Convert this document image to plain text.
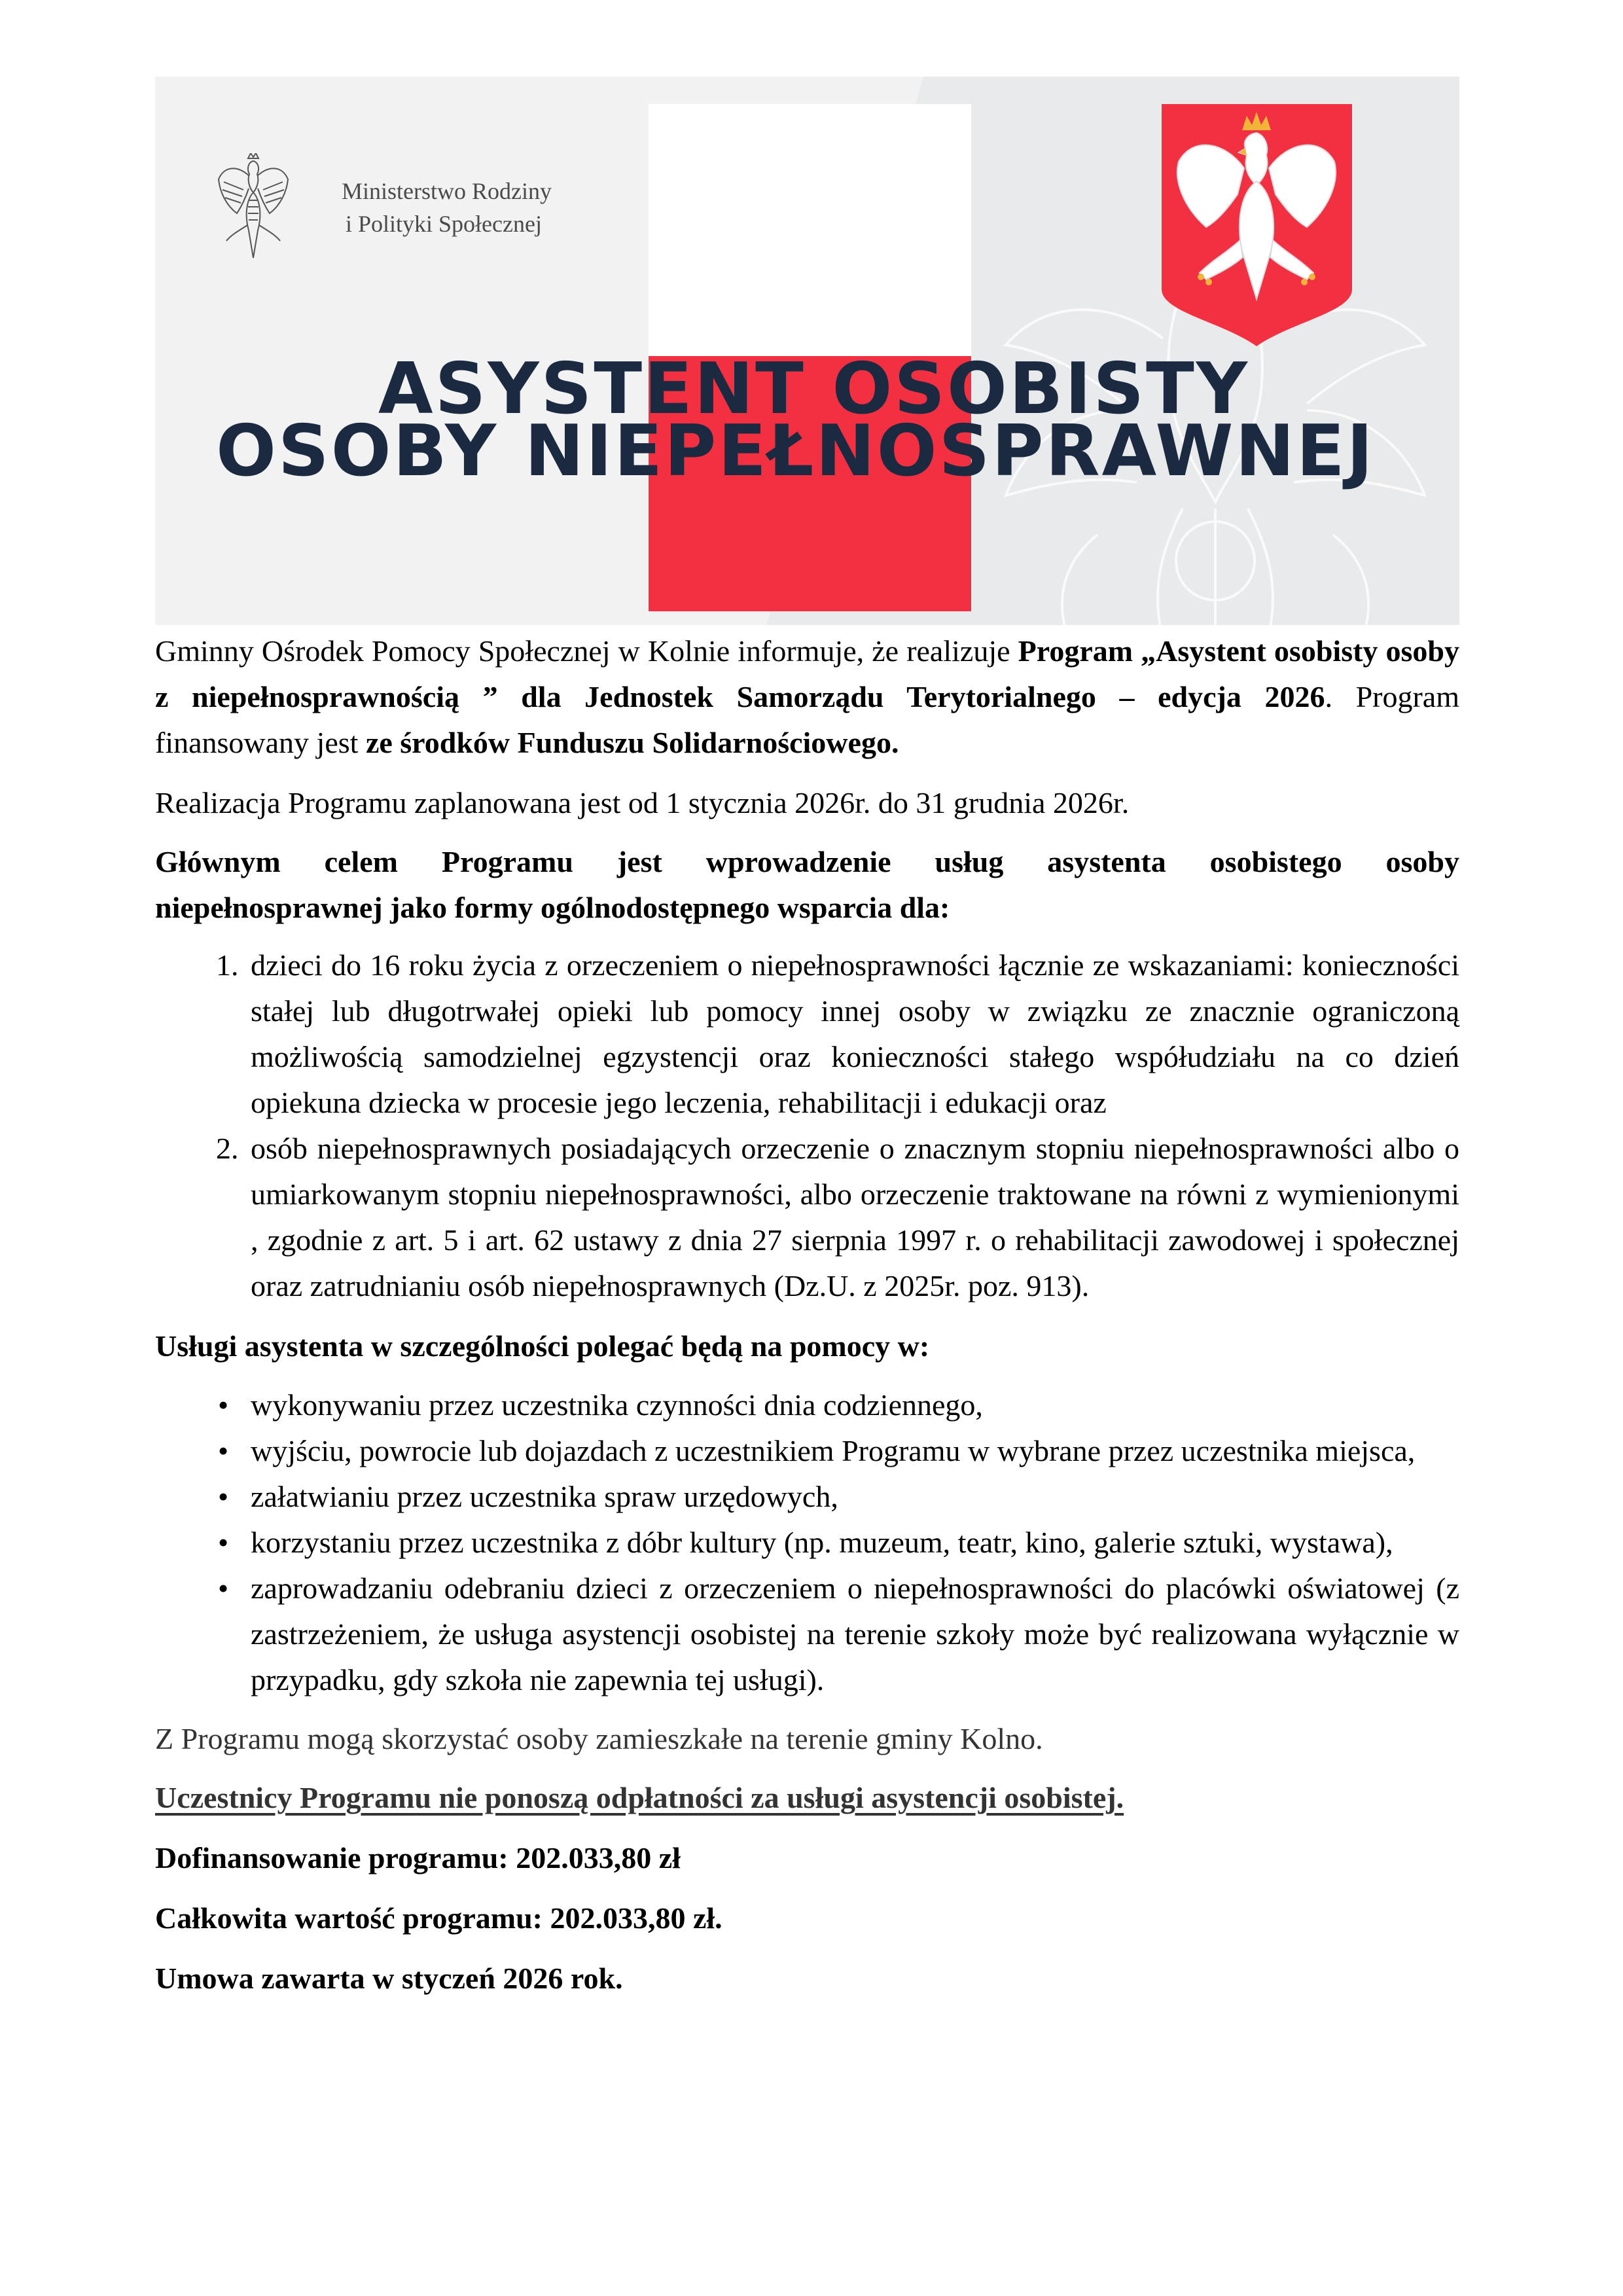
Ministerstwo Rodziny
i Polityki Społecznej
ASYSTENT OSOBISTY
OSOBY NIEPEŁNOSPRAWNEJ

Gminny Ośrodek Pomocy Społecznej w Kolnie informuje, że realizuje Program „Asystent osobisty osoby z niepełnosprawnością ” dla Jednostek Samorządu Terytorialnego – edycja 2026. Program finansowany jest ze środków Funduszu Solidarnościowego.

Realizacja Programu zaplanowana jest od 1 stycznia 2026r. do 31 grudnia 2026r.

Głównym celem Programu jest wprowadzenie usług asystenta osobistego osoby
niepełnosprawnej jako formy ogólnodostępnego wsparcia dla:

1. dzieci do 16 roku życia z orzeczeniem o niepełnosprawności łącznie ze wskazaniami: konieczności stałej lub długotrwałej opieki lub pomocy innej osoby w związku ze znacznie ograniczoną możliwością samodzielnej egzystencji oraz konieczności stałego współudziału na co dzień opiekuna dziecka w procesie jego leczenia, rehabilitacji i edukacji oraz
2. osób niepełnosprawnych posiadających orzeczenie o znacznym stopniu niepełnosprawności albo o umiarkowanym stopniu niepełnosprawności, albo orzeczenie traktowane na równi z wymienionymi , zgodnie z art. 5 i art. 62 ustawy z dnia 27 sierpnia 1997 r. o rehabilitacji zawodowej i społecznej oraz zatrudnianiu osób niepełnosprawnych (Dz.U. z 2025r. poz. 913).

Usługi asystenta w szczególności polegać będą na pomocy w:

• wykonywaniu przez uczestnika czynności dnia codziennego,
• wyjściu, powrocie lub dojazdach z uczestnikiem Programu w wybrane przez uczestnika miejsca,
• załatwianiu przez uczestnika spraw urzędowych,
• korzystaniu przez uczestnika z dóbr kultury (np. muzeum, teatr, kino, galerie sztuki, wystawa),
• zaprowadzaniu odebraniu dzieci z orzeczeniem o niepełnosprawności do placówki oświatowej (z zastrzeżeniem, że usługa asystencji osobistej na terenie szkoły może być realizowana wyłącznie w przypadku, gdy szkoła nie zapewnia tej usługi).

Z Programu mogą skorzystać osoby zamieszkałe na terenie gminy Kolno.

Uczestnicy Programu nie ponoszą odpłatności za usługi asystencji osobistej.

Dofinansowanie programu: 202.033,80 zł

Całkowita wartość programu: 202.033,80 zł.

Umowa zawarta w styczeń 2026 rok.
